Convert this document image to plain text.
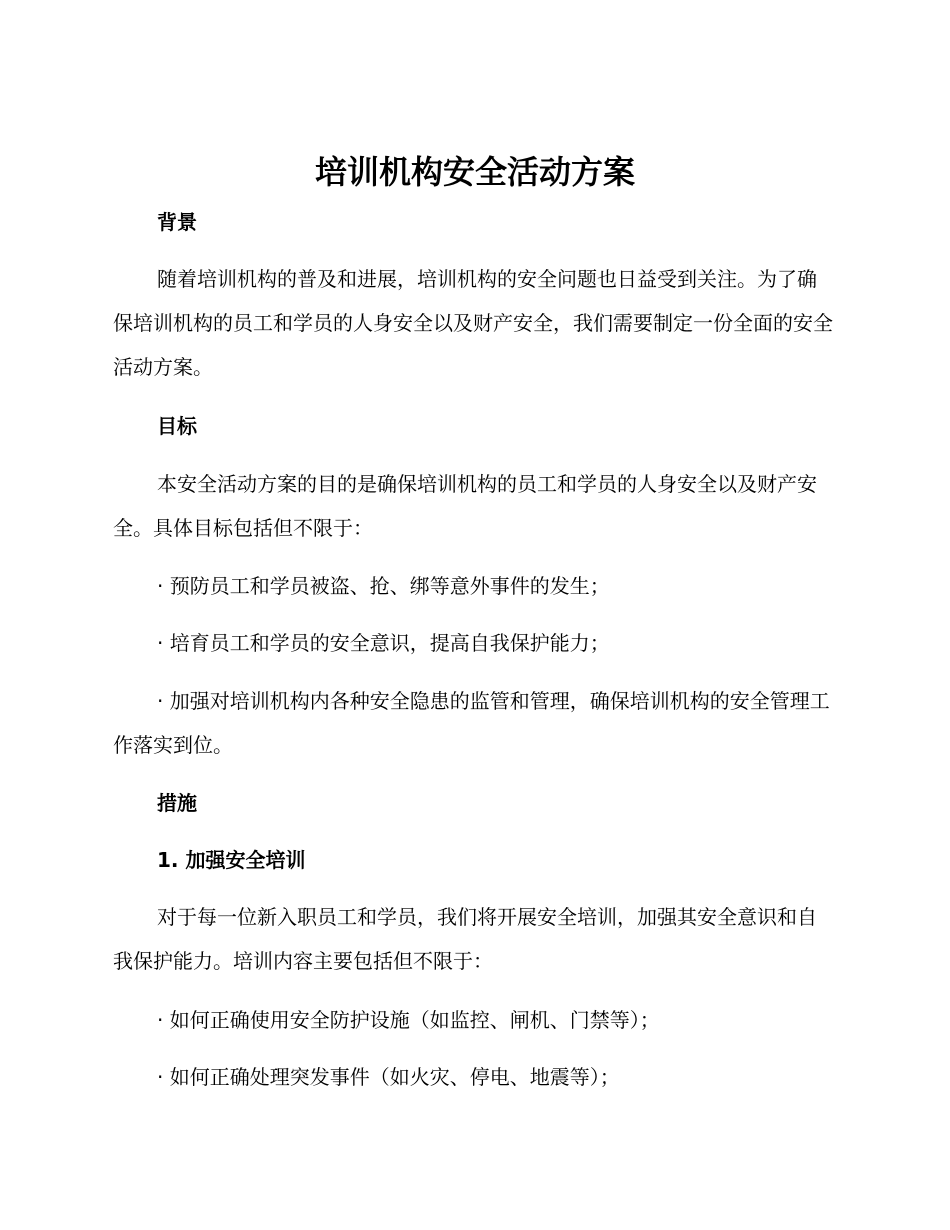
培训机构安全活动方案
背景

随着培训机构的普及和进展，培训机构的安全问题也日益受到关注。为了确保培训机构的员工和学员的人身安全以及财产安全，我们需要制定一份全面的安全活动方案。

目标

本安全活动方案的目的是确保培训机构的员工和学员的人身安全以及财产安全。具体目标包括但不限于：

· 预防员工和学员被盗、抢、绑等意外事件的发生；

· 培育员工和学员的安全意识，提高自我保护能力；

· 加强对培训机构内各种安全隐患的监管和管理，确保培训机构的安全管理工作落实到位。

措施
1. 加强安全培训

对于每一位新入职员工和学员，我们将开展安全培训，加强其安全意识和自我保护能力。培训内容主要包括但不限于：

· 如何正确使用安全防护设施（如监控、闸机、门禁等）；

· 如何正确处理突发事件（如火灾、停电、地震等）；
